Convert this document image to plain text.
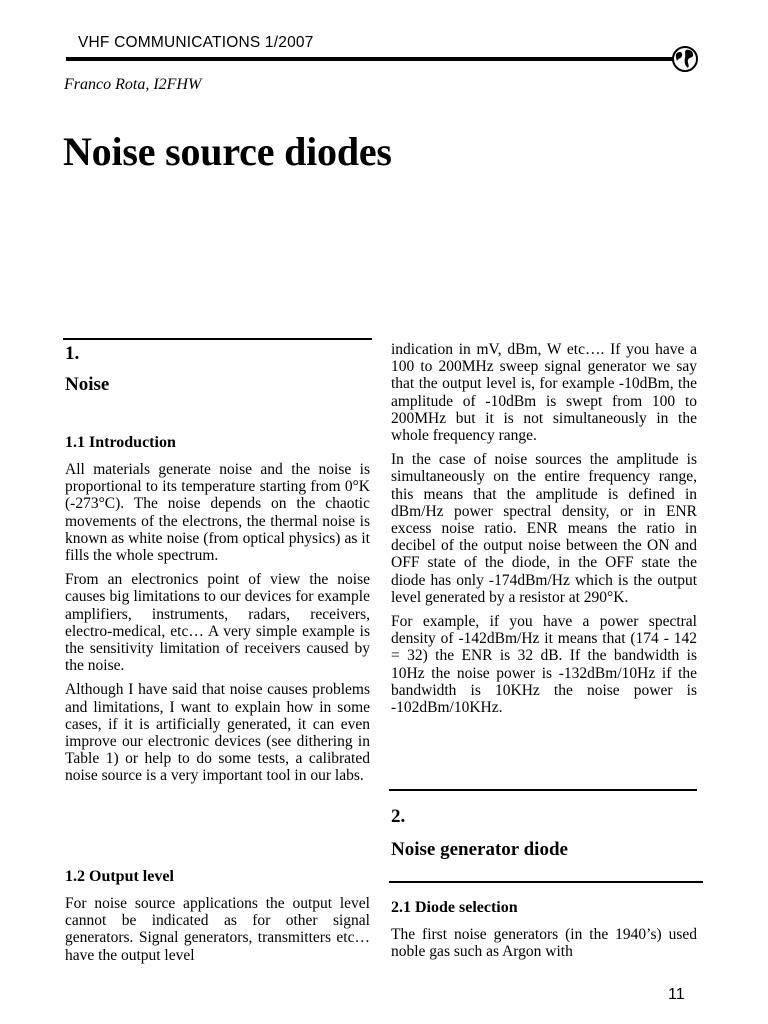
VHF COMMUNICATIONS 1/2007
Franco Rota, I2FHW
Noise source diodes
1.
Noise
1.1 Introduction

All materials generate noise and the noise is proportional to its temperature starting from 0°K (-273°C). The noise depends on the chaotic movements of the electrons, the thermal noise is known as white noise (from optical physics) as it fills the whole spectrum.

From an electronics point of view the noise causes big limitations to our devices for example amplifiers, instruments, radars, receivers, electro-medical, etc… A very simple example is the sensitivity limitation of receivers caused by the noise.

Although I have said that noise causes problems and limitations, I want to explain how in some cases, if it is artificially generated, it can even improve our electronic devices (see dithering in Table 1) or help to do some tests, a calibrated noise source is a very important tool in our labs.

1.2 Output level

For noise source applications the output level cannot be indicated as for other signal generators. Signal generators, transmitters etc… have the output level

indication in mV, dBm, W etc…. If you have a 100 to 200MHz sweep signal generator we say that the output level is, for example -10dBm, the amplitude of -10dBm is swept from 100 to 200MHz but it is not simultaneously in the whole frequency range.

In the case of noise sources the amplitude is simultaneously on the entire frequency range, this means that the amplitude is defined in dBm/Hz power spectral density, or in ENR excess noise ratio. ENR means the ratio in decibel of the output noise between the ON and OFF state of the diode, in the OFF state the diode has only -174dBm/Hz which is the output level generated by a resistor at 290°K.

For example, if you have a power spectral density of -142dBm/Hz it means that (174 - 142 = 32) the ENR is 32 dB. If the bandwidth is 10Hz the noise power is -132dBm/10Hz if the bandwidth is 10KHz the noise power is -102dBm/10KHz.

2.
Noise generator diode
2.1 Diode selection

The first noise generators (in the 1940’s) used noble gas such as Argon with

11
